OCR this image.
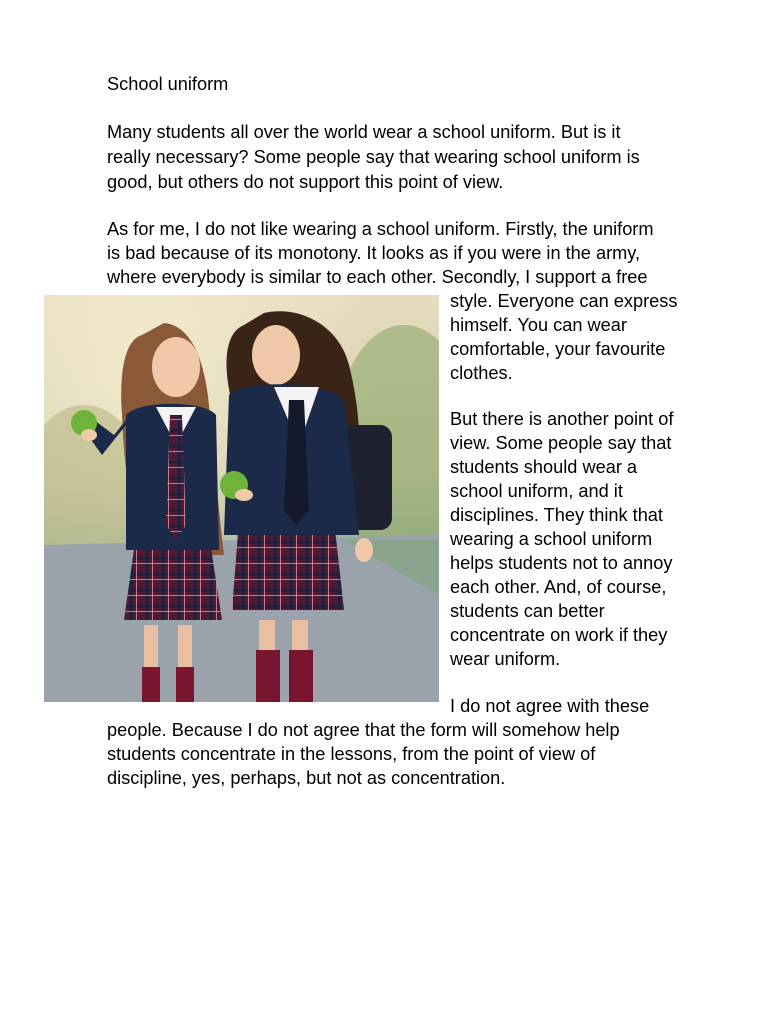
School uniform

Many students all over the world wear a school uniform. But is it

really necessary? Some people say that wearing school uniform is

good, but others do not support this point of view.

As for me, I do not like wearing a school uniform. Firstly, the uniform

is bad because of its monotony. It looks as if you were in the army,

where everybody is similar to each other. Secondly, I support a free

style. Everyone can express

himself. You can wear

comfortable, your favourite

clothes.

But there is another point of

view. Some people say that

students should wear a

school uniform, and it

disciplines. They think that

wearing a school uniform

helps students not to annoy

each other. And, of course,

students can better

concentrate on work if they

wear uniform.

I do not agree with these

people. Because I do not agree that the form will somehow help

students concentrate in the lessons, from the point of view of

discipline, yes, perhaps, but not as concentration.
